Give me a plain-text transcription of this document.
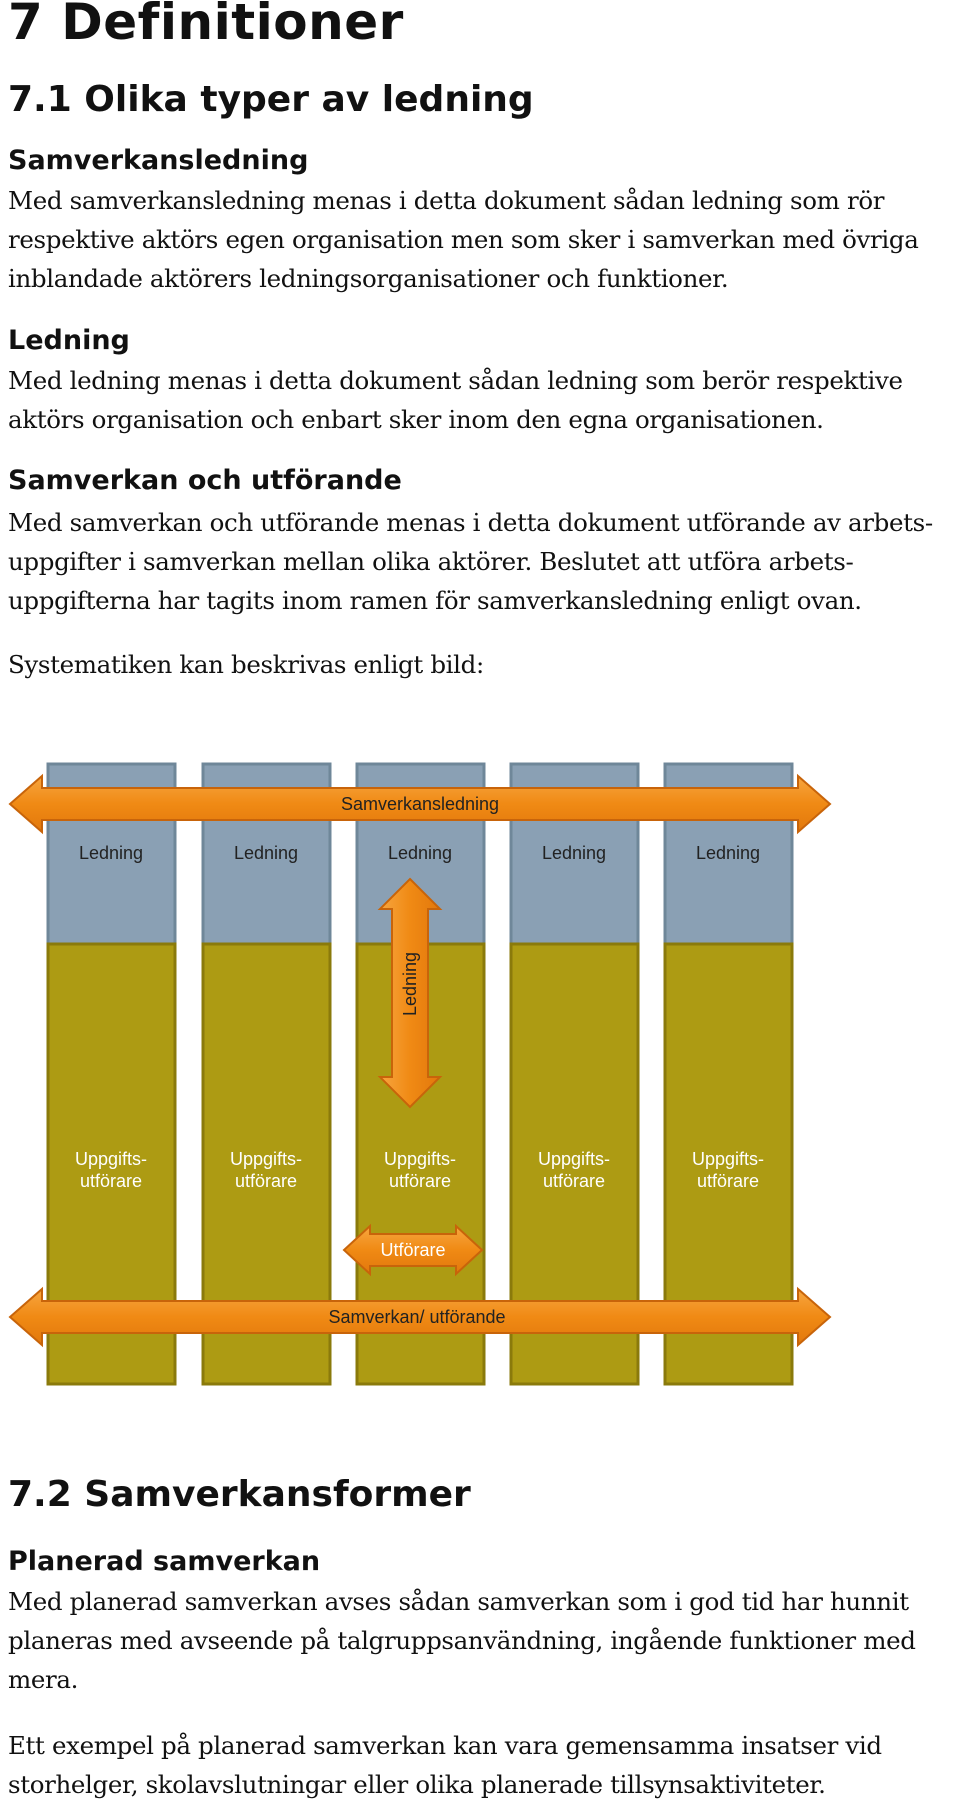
7 Definitioner
7.1 Olika typer av ledning
Samverkansledning

Med samverkansledning menas i detta dokument sådan ledning som rör
respektive aktörs egen organisation men som sker i samverkan med övriga
inblandade aktörers ledningsorganisationer och funktioner.

Ledning

Med ledning menas i detta dokument sådan ledning som berör respektive
aktörs organisation och enbart sker inom den egna organisationen.

Samverkan och utförande

Med samverkan och utförande menas i detta dokument utförande av arbets-
uppgifter i samverkan mellan olika aktörer. Beslutet att utföra arbets-
uppgifterna har tagits inom ramen för samverkansledning enligt ovan.

Systematiken kan beskrivas enligt bild:

Samverkansledning
Ledning	Ledning	Ledning	Ledning	Ledning
Ledning
Uppgifts-
utförare
Uppgifts-
utförare
Uppgifts-
utförare
Uppgifts-
utförare
Uppgifts-
utförare
Utförare
Samverkan/ utförande
7.2 Samverkansformer
Planerad samverkan

Med planerad samverkan avses sådan samverkan som i god tid har hunnit
planeras med avseende på talgruppsanvändning, ingående funktioner med
mera.

Ett exempel på planerad samverkan kan vara gemensamma insatser vid
storhelger, skolavslutningar eller olika planerade tillsynsaktiviteter.
